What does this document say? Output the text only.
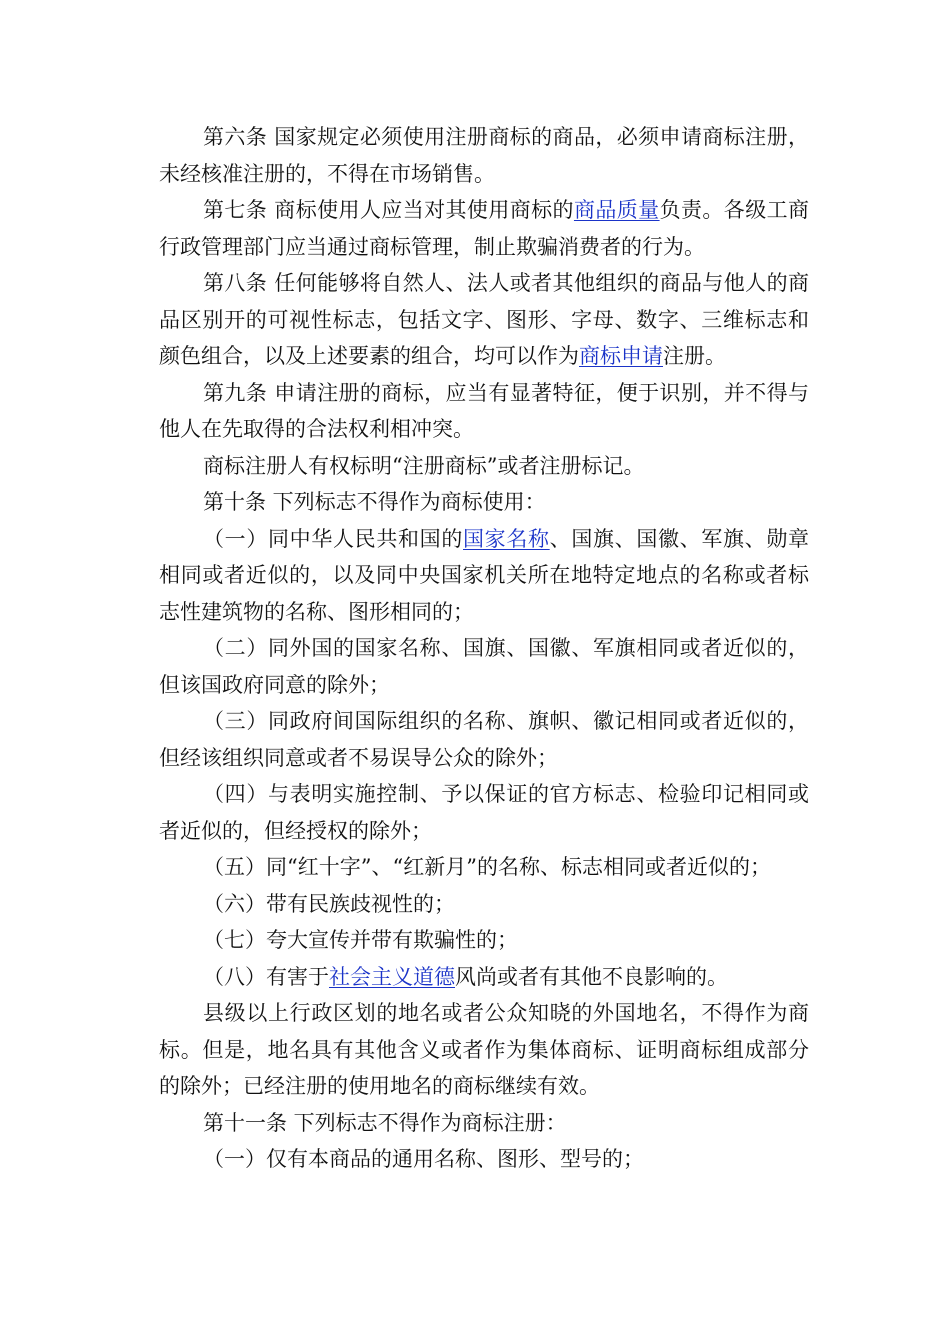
第六条 国家规定必须使用注册商标的商品，必须申请商标注册，未经核准注册的，不得在市场销售。

第七条 商标使用人应当对其使用商标的商品质量负责。各级工商行政管理部门应当通过商标管理，制止欺骗消费者的行为。

第八条 任何能够将自然人、法人或者其他组织的商品与他人的商品区别开的可视性标志，包括文字、图形、字母、数字、三维标志和颜色组合，以及上述要素的组合，均可以作为商标申请注册。

第九条 申请注册的商标，应当有显著特征，便于识别，并不得与他人在先取得的合法权利相冲突。

商标注册人有权标明“注册商标”或者注册标记。

第十条 下列标志不得作为商标使用：

（一）同中华人民共和国的国家名称、国旗、国徽、军旗、勋章相同或者近似的，以及同中央国家机关所在地特定地点的名称或者标志性建筑物的名称、图形相同的；

（二）同外国的国家名称、国旗、国徽、军旗相同或者近似的，但该国政府同意的除外；

（三）同政府间国际组织的名称、旗帜、徽记相同或者近似的，但经该组织同意或者不易误导公众的除外；

（四）与表明实施控制、予以保证的官方标志、检验印记相同或者近似的，但经授权的除外；

（五）同“红十字”、“红新月”的名称、标志相同或者近似的；

（六）带有民族歧视性的；

（七）夸大宣传并带有欺骗性的；

（八）有害于社会主义道德风尚或者有其他不良影响的。

县级以上行政区划的地名或者公众知晓的外国地名，不得作为商标。但是，地名具有其他含义或者作为集体商标、证明商标组成部分的除外；已经注册的使用地名的商标继续有效。

第十一条 下列标志不得作为商标注册：

（一）仅有本商品的通用名称、图形、型号的；
